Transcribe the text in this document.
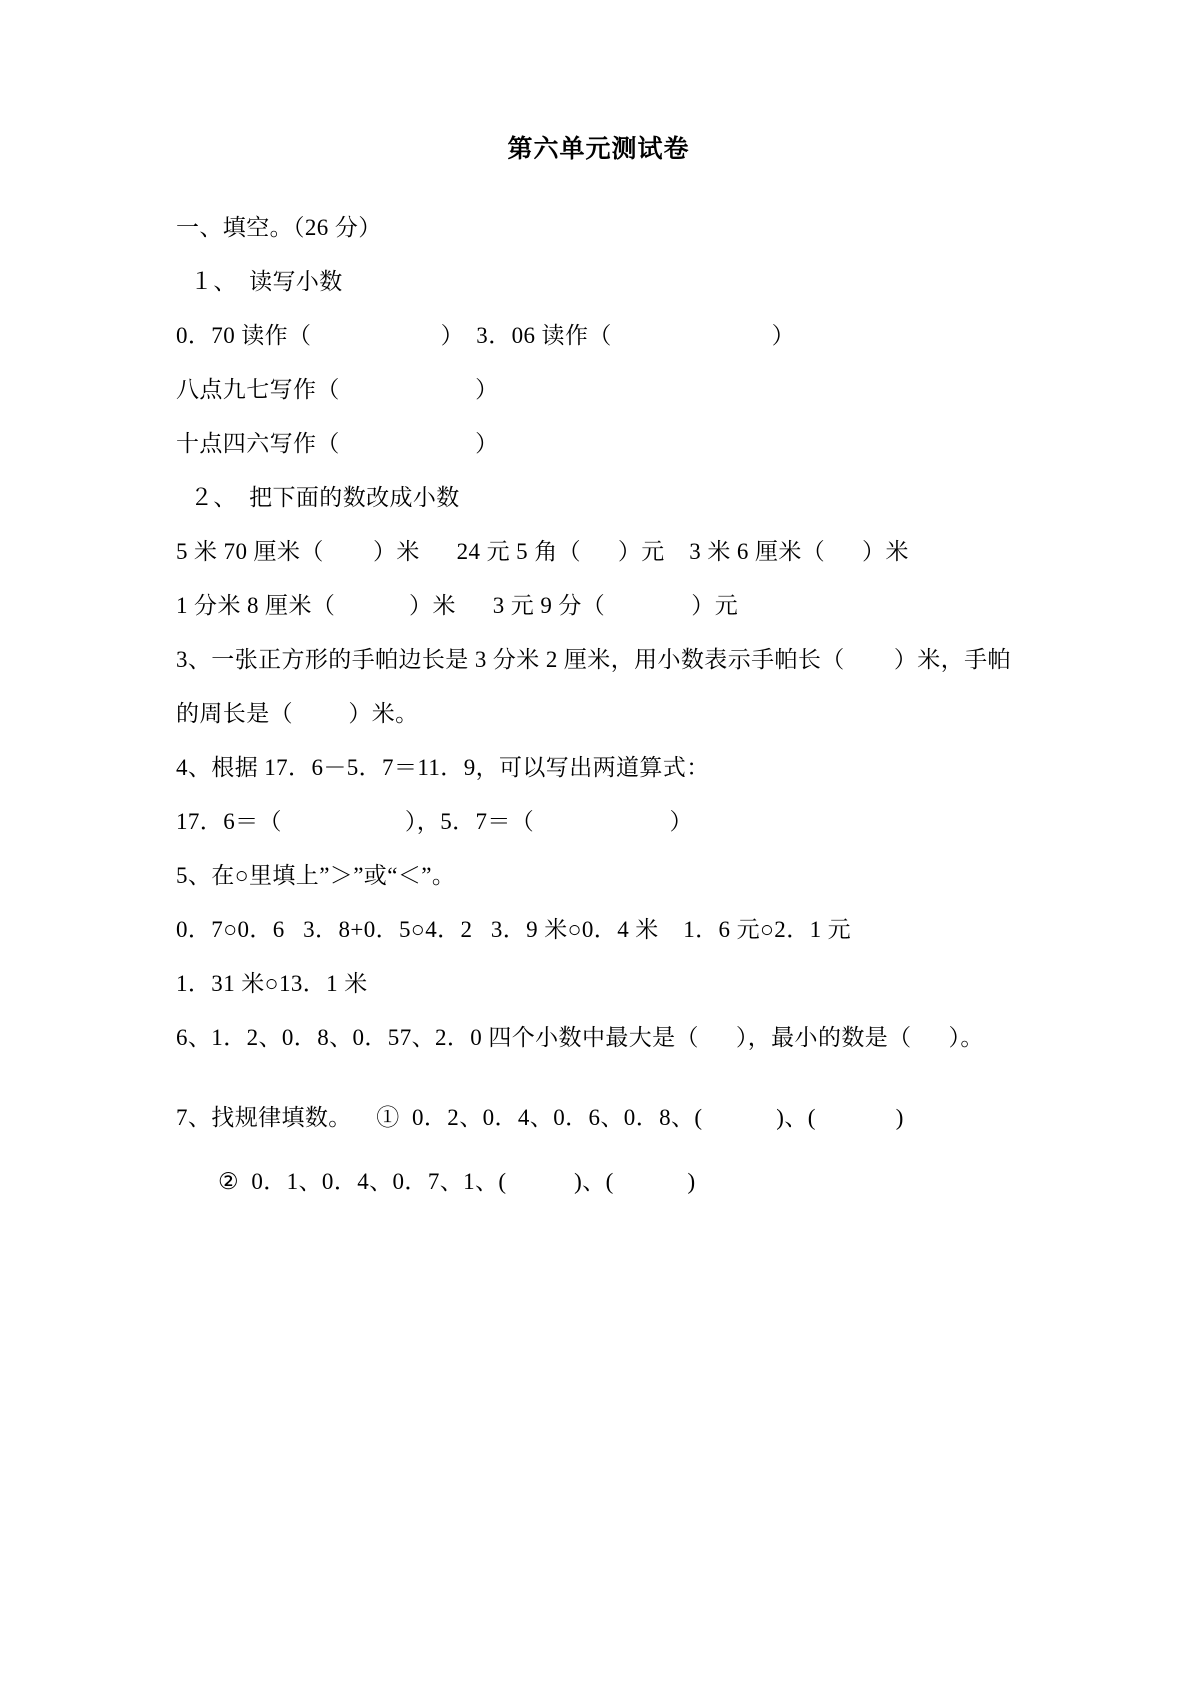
第六单元测试卷
一、填空。（26 分）
１、  读写小数
0．70 读作（                     ）  3．06 读作（                          ）
八点九七写作（                      ）
十点四六写作（                      ）
２、  把下面的数改成小数
5 米 70 厘米（        ）米      24 元 5 角（      ）元    3 米 6 厘米（      ）米
1 分米 8 厘米（            ）米      3 元 9 分（              ）元
3、一张正方形的手帕边长是 3 分米 2 厘米，用小数表示手帕长（        ）米，手帕的周长是（         ）米。
4、根据 17．6－5．7＝11．9，可以写出两道算式：
17．6＝（                    ），5．7＝（                      ）
5、在○里填上”＞”或“＜”。
0．7○0．6   3．8+0．5○4．2   3．9 米○0．4 米    1．6 元○2．1 元
1．31 米○13．1 米
6、1．2、0．8、0．57、2．0 四个小数中最大是（      ），最小的数是（      ）。
7、找规律填数。    ①  0．2、0．4、0．6、0．8、(            )、(             )
②  0．1、0．4、0．7、1、(           )、(            )
